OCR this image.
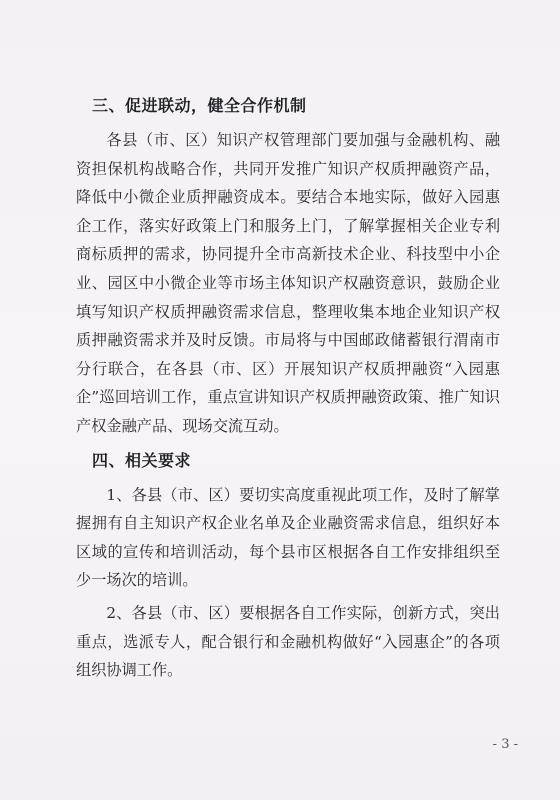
三、促进联动，健全合作机制

各县（市、区）知识产权管理部门要加强与金融机构、融资担保机构战略合作，共同开发推广知识产权质押融资产品，降低中小微企业质押融资成本。要结合本地实际，做好入园惠企工作，落实好政策上门和服务上门，了解掌握相关企业专利商标质押的需求，协同提升全市高新技术企业、科技型中小企业、园区中小微企业等市场主体知识产权融资意识，鼓励企业填写知识产权质押融资需求信息，整理收集本地企业知识产权质押融资需求并及时反馈。市局将与中国邮政储蓄银行渭南市分行联合，在各县（市、区）开展知识产权质押融资“入园惠企”巡回培训工作，重点宣讲知识产权质押融资政策、推广知识产权金融产品、现场交流互动。

四、相关要求

1、各县（市、区）要切实高度重视此项工作，及时了解掌握拥有自主知识产权企业名单及企业融资需求信息，组织好本区域的宣传和培训活动，每个县市区根据各自工作安排组织至少一场次的培训。

2、各县（市、区）要根据各自工作实际，创新方式，突出重点，选派专人，配合银行和金融机构做好“入园惠企”的各项组织协调工作。

- 3 -
